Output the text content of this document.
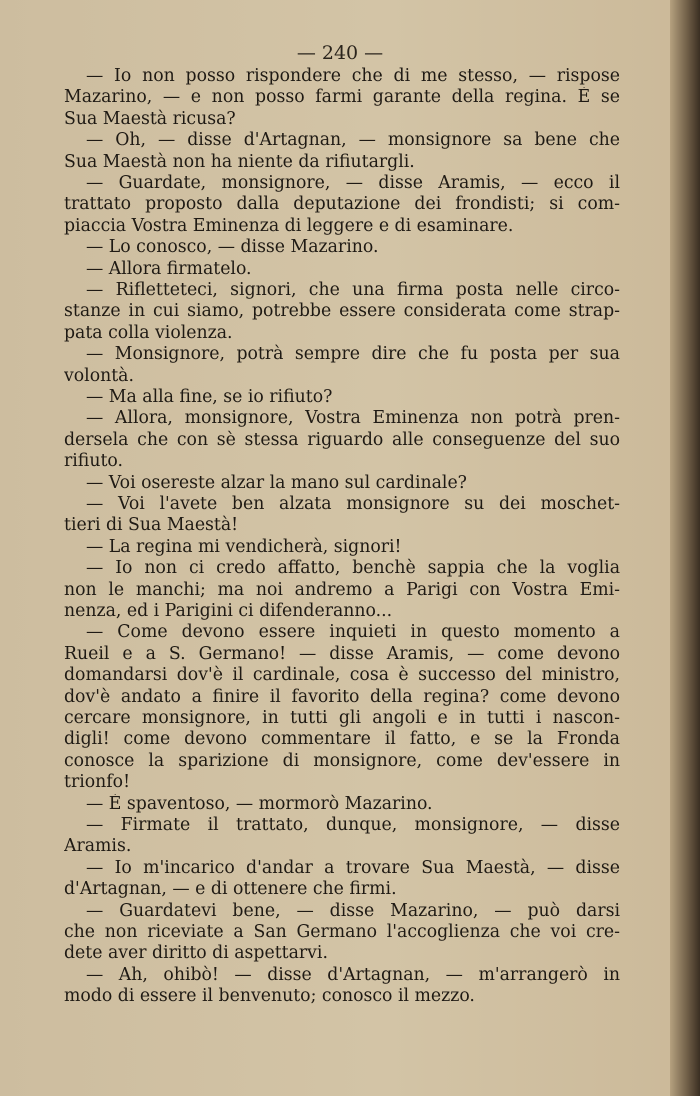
— 240 —
— Io non posso rispondere che di me stesso, — rispose
Mazarino, — e non posso farmi garante della regina. È se
Sua Maestà ricusa?
— Oh, — disse d'Artagnan, — monsignore sa bene che
Sua Maestà non ha niente da rifiutargli.
— Guardate, monsignore, — disse Aramis, — ecco il
trattato proposto dalla deputazione dei frondisti; si com-
piaccia Vostra Eminenza di leggere e di esaminare.
— Lo conosco, — disse Mazarino.
— Allora firmatelo.
— Rifletteteci, signori, che una firma posta nelle circo-
stanze in cui siamo, potrebbe essere considerata come strap-
pata colla violenza.
— Monsignore, potrà sempre dire che fu posta per sua
volontà.
— Ma alla fine, se io rifiuto?
— Allora, monsignore, Vostra Eminenza non potrà pren-
dersela che con sè stessa riguardo alle conseguenze del suo
rifiuto.
— Voi osereste alzar la mano sul cardinale?
— Voi l'avete ben alzata monsignore su dei moschet-
tieri di Sua Maestà!
— La regina mi vendicherà, signori!
— Io non ci credo affatto, benchè sappia che la voglia
non le manchi; ma noi andremo a Parigi con Vostra Emi-
nenza, ed i Parigini ci difenderanno...
— Come devono essere inquieti in questo momento a
Rueil e a S. Germano! — disse Aramis, — come devono
domandarsi dov'è il cardinale, cosa è successo del ministro,
dov'è andato a finire il favorito della regina? come devono
cercare monsignore, in tutti gli angoli e in tutti i nascon-
digli! come devono commentare il fatto, e se la Fronda
conosce la sparizione di monsignore, come dev'essere in
trionfo!
— È spaventoso, — mormorò Mazarino.
— Firmate il trattato, dunque, monsignore, — disse
Aramis.
— Io m'incarico d'andar a trovare Sua Maestà, — disse
d'Artagnan, — e di ottenere che firmi.
— Guardatevi bene, — disse Mazarino, — può darsi
che non riceviate a San Germano l'accoglienza che voi cre-
dete aver diritto di aspettarvi.
— Ah, ohibò! — disse d'Artagnan, — m'arrangerò in
modo di essere il benvenuto; conosco il mezzo.
